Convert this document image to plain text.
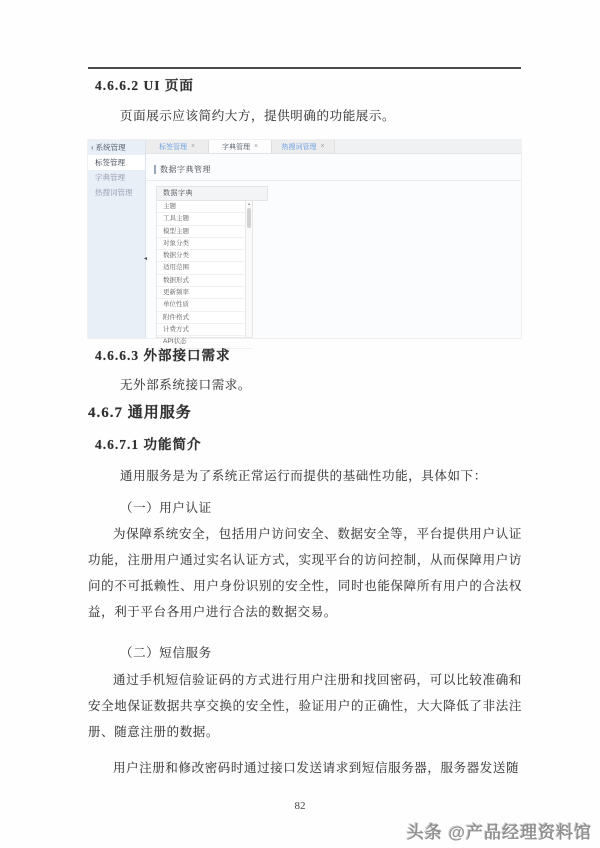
4.6.6.2 UI 页面
页面展示应该简约大方，提供明确的功能展示。
‹ 系统管理
标签管理
字典管理
热搜词管理
◂
标签管理 ×	字典管理 ×	热搜词管理 ×
数据字典管理
数据字典
主题
工具主题
模型主题
对象分类
数据分类
适用范围
数据形式
更新频率
单位性质
附件格式
计费方式
API状态
▴
4.6.6.3 外部接口需求
无外部系统接口需求。
4.6.7 通用服务
4.6.7.1 功能简介
通用服务是为了系统正常运行而提供的基础性功能，具体如下：
（一）用户认证
为保障系统安全，包括用户访问安全、数据安全等，平台提供用户认证功能，注册用户通过实名认证方式，实现平台的访问控制，从而保障用户访问的不可抵赖性、用户身份识别的安全性，同时也能保障所有用户的合法权益，利于平台各用户进行合法的数据交易。
（二）短信服务
通过手机短信验证码的方式进行用户注册和找回密码，可以比较准确和安全地保证数据共享交换的安全性，验证用户的正确性，大大降低了非法注册、随意注册的数据。
用户注册和修改密码时通过接口发送请求到短信服务器，服务器发送随
82
头条 @产品经理资料馆
